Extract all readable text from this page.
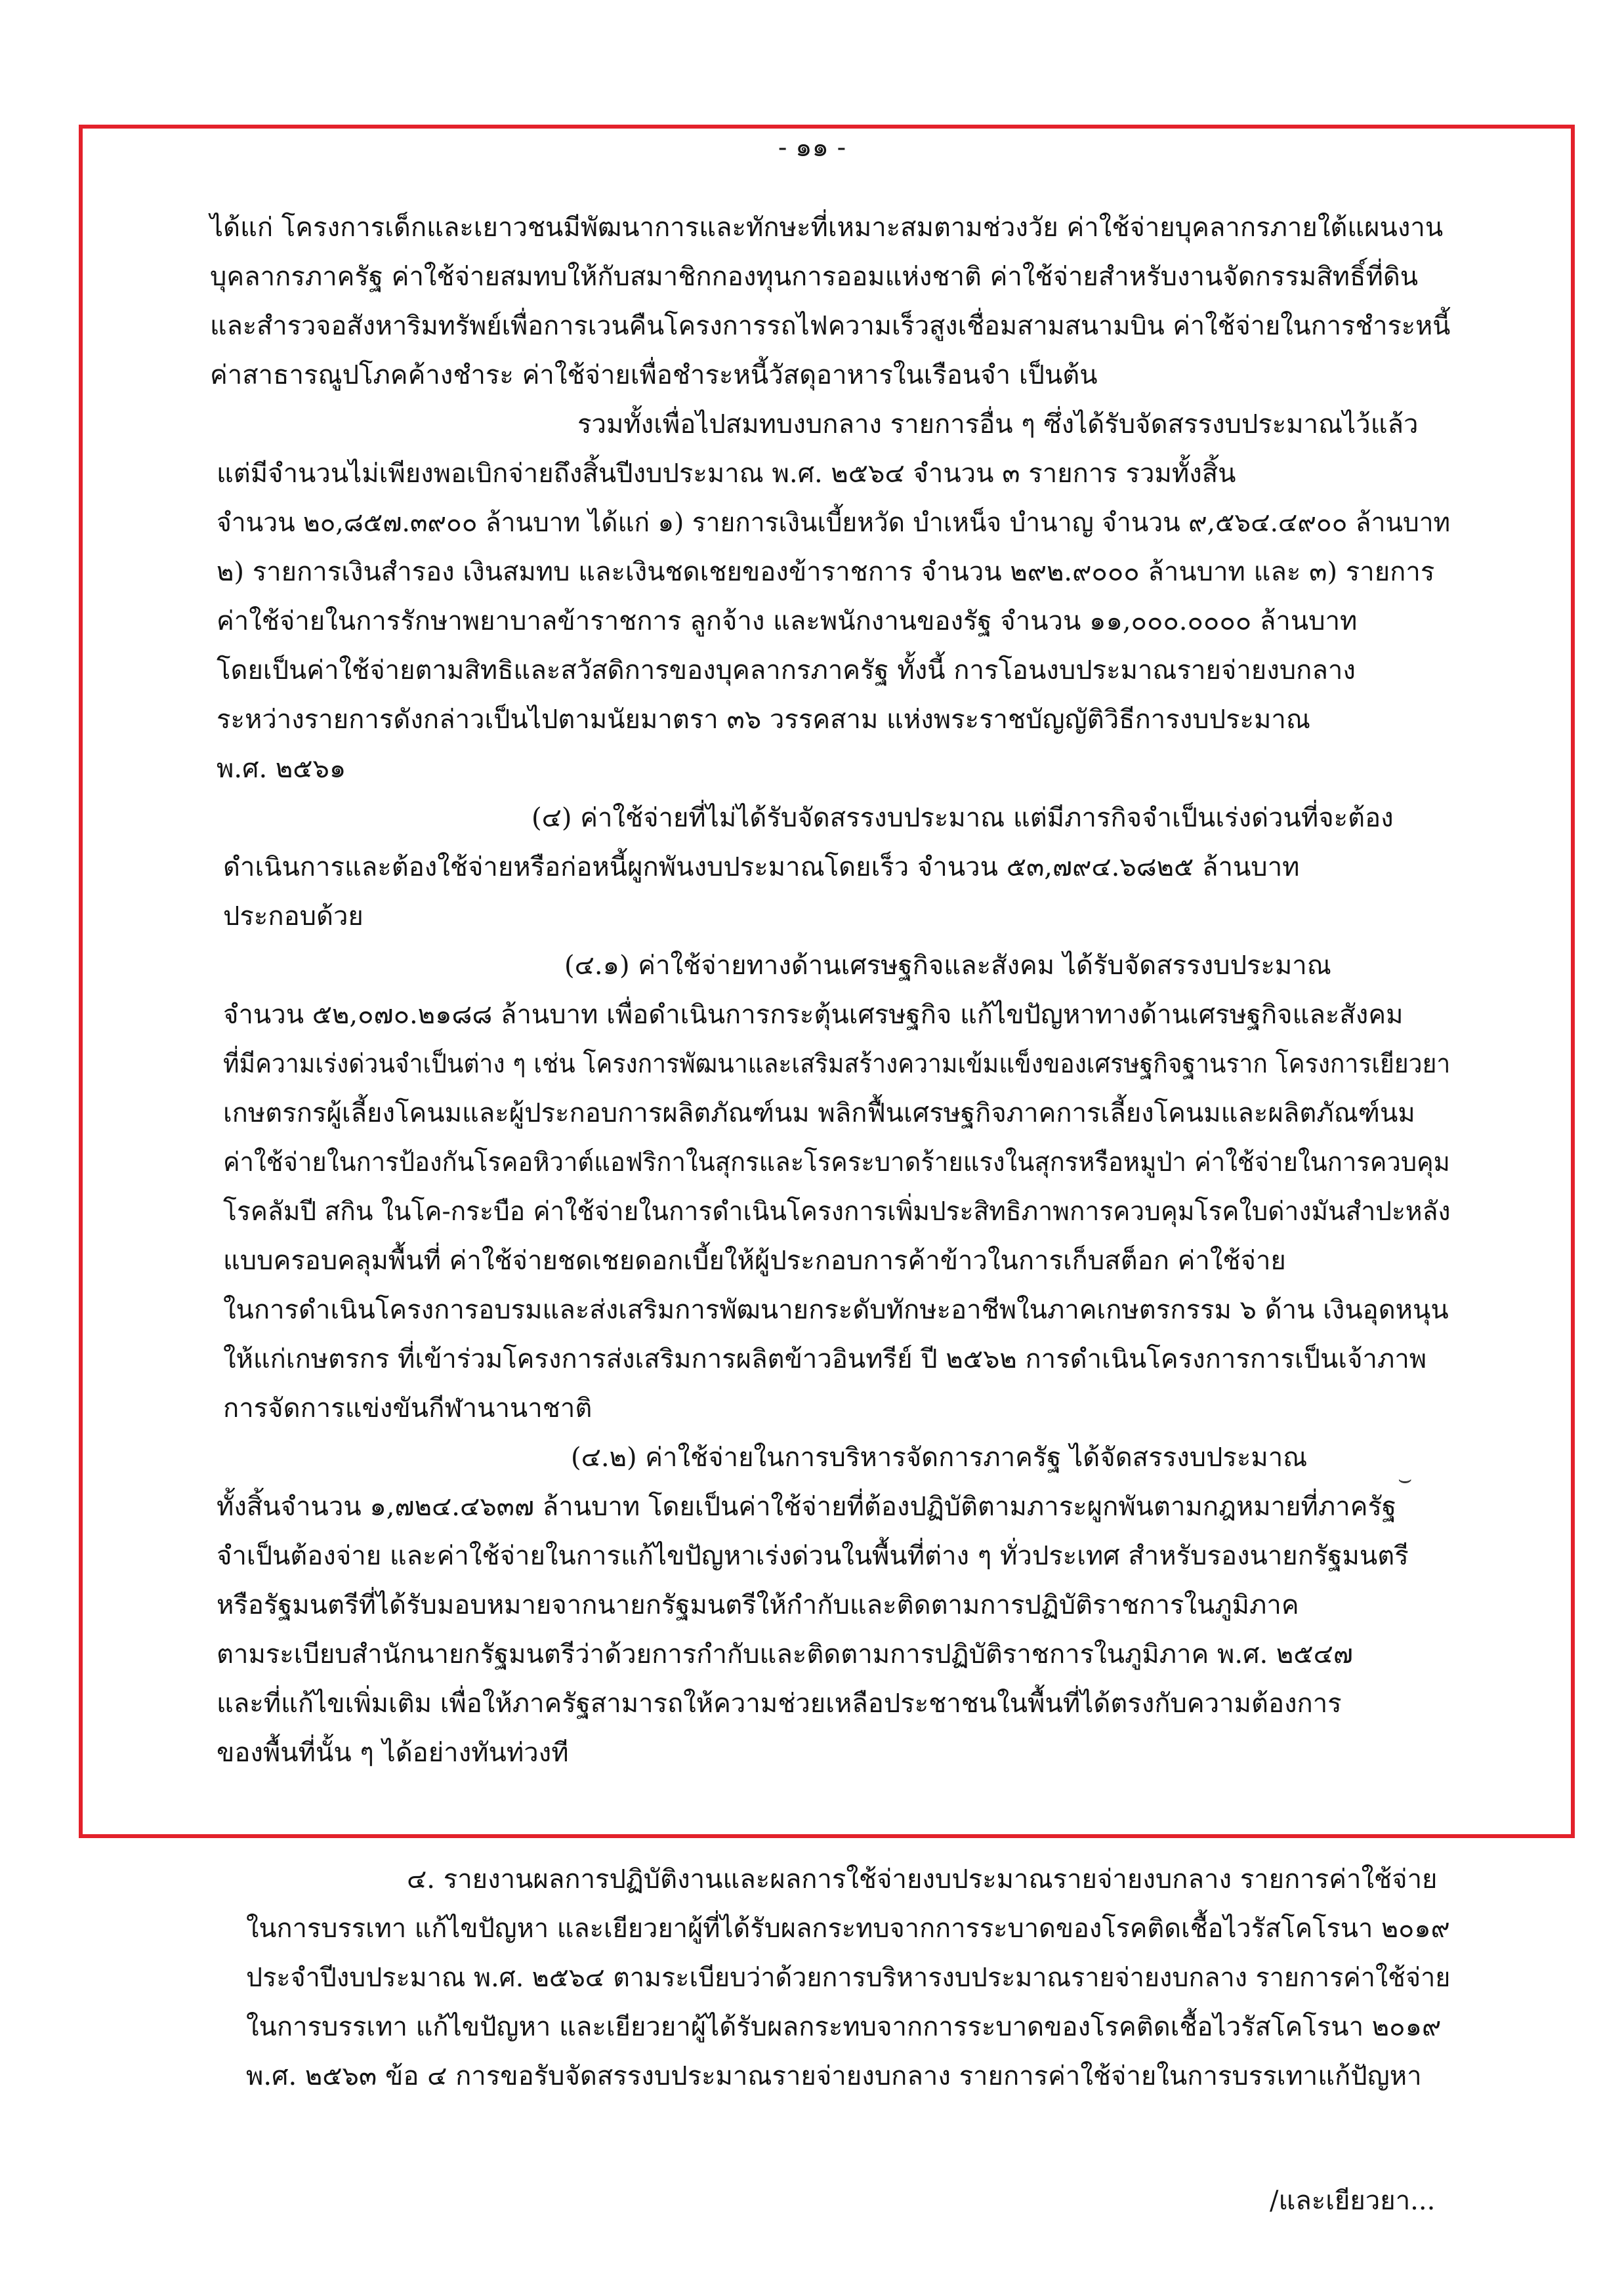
- ๑๑ -
ได้แก่ โครงการเด็กและเยาวชนมีพัฒนาการและทักษะที่เหมาะสมตามช่วงวัย ค่าใช้จ่ายบุคลากรภายใต้แผนงาน
บุคลากรภาครัฐ ค่าใช้จ่ายสมทบให้กับสมาชิกกองทุนการออมแห่งชาติ ค่าใช้จ่ายสำหรับงานจัดกรรมสิทธิ์ที่ดิน
และสำรวจอสังหาริมทรัพย์เพื่อการเวนคืนโครงการรถไฟความเร็วสูงเชื่อมสามสนามบิน ค่าใช้จ่ายในการชำระหนี้
ค่าสาธารณูปโภคค้างชำระ ค่าใช้จ่ายเพื่อชำระหนี้วัสดุอาหารในเรือนจำ เป็นต้น
รวมทั้งเพื่อไปสมทบงบกลาง รายการอื่น ๆ ซึ่งได้รับจัดสรรงบประมาณไว้แล้ว
แต่มีจำนวนไม่เพียงพอเบิกจ่ายถึงสิ้นปีงบประมาณ พ.ศ. ๒๕๖๔ จำนวน ๓ รายการ รวมทั้งสิ้น
จำนวน ๒๐,๘๕๗.๓๙๐๐ ล้านบาท ได้แก่ ๑) รายการเงินเบี้ยหวัด บำเหน็จ บำนาญ จำนวน ๙,๕๖๔.๔๙๐๐ ล้านบาท
๒) รายการเงินสำรอง เงินสมทบ และเงินชดเชยของข้าราชการ จำนวน ๒๙๒.๙๐๐๐ ล้านบาท และ ๓) รายการ
ค่าใช้จ่ายในการรักษาพยาบาลข้าราชการ ลูกจ้าง และพนักงานของรัฐ จำนวน ๑๑,๐๐๐.๐๐๐๐ ล้านบาท
โดยเป็นค่าใช้จ่ายตามสิทธิและสวัสดิการของบุคลากรภาครัฐ ทั้งนี้ การโอนงบประมาณรายจ่ายงบกลาง
ระหว่างรายการดังกล่าวเป็นไปตามนัยมาตรา ๓๖ วรรคสาม แห่งพระราชบัญญัติวิธีการงบประมาณ
พ.ศ. ๒๕๖๑
(๔) ค่าใช้จ่ายที่ไม่ได้รับจัดสรรงบประมาณ แต่มีภารกิจจำเป็นเร่งด่วนที่จะต้อง
ดำเนินการและต้องใช้จ่ายหรือก่อหนี้ผูกพันงบประมาณโดยเร็ว จำนวน ๕๓,๗๙๔.๖๘๒๕ ล้านบาท
ประกอบด้วย
(๔.๑) ค่าใช้จ่ายทางด้านเศรษฐกิจและสังคม ได้รับจัดสรรงบประมาณ
จำนวน ๕๒,๐๗๐.๒๑๘๘ ล้านบาท เพื่อดำเนินการกระตุ้นเศรษฐกิจ แก้ไขปัญหาทางด้านเศรษฐกิจและสังคม
ที่มีความเร่งด่วนจำเป็นต่าง ๆ เช่น โครงการพัฒนาและเสริมสร้างความเข้มแข็งของเศรษฐกิจฐานราก โครงการเยียวยา
เกษตรกรผู้เลี้ยงโคนมและผู้ประกอบการผลิตภัณฑ์นม พลิกฟื้นเศรษฐกิจภาคการเลี้ยงโคนมและผลิตภัณฑ์นม
ค่าใช้จ่ายในการป้องกันโรคอหิวาต์แอฟริกาในสุกรและโรคระบาดร้ายแรงในสุกรหรือหมูป่า ค่าใช้จ่ายในการควบคุม
โรคลัมปี สกิน ในโค-กระบือ ค่าใช้จ่ายในการดำเนินโครงการเพิ่มประสิทธิภาพการควบคุมโรคใบด่างมันสำปะหลัง
แบบครอบคลุมพื้นที่ ค่าใช้จ่ายชดเชยดอกเบี้ยให้ผู้ประกอบการค้าข้าวในการเก็บสต็อก ค่าใช้จ่าย
ในการดำเนินโครงการอบรมและส่งเสริมการพัฒนายกระดับทักษะอาชีพในภาคเกษตรกรรม ๖ ด้าน เงินอุดหนุน
ให้แก่เกษตรกร ที่เข้าร่วมโครงการส่งเสริมการผลิตข้าวอินทรีย์ ปี ๒๕๖๒ การดำเนินโครงการการเป็นเจ้าภาพ
การจัดการแข่งขันกีฬานานาชาติ
(๔.๒) ค่าใช้จ่ายในการบริหารจัดการภาครัฐ ได้จัดสรรงบประมาณ
ทั้งสิ้นจำนวน ๑,๗๒๔.๔๖๓๗ ล้านบาท โดยเป็นค่าใช้จ่ายที่ต้องปฏิบัติตามภาระผูกพันตามกฎหมายที่ภาครัฐ
จำเป็นต้องจ่าย และค่าใช้จ่ายในการแก้ไขปัญหาเร่งด่วนในพื้นที่ต่าง ๆ ทั่วประเทศ สำหรับรองนายกรัฐมนตรี
หรือรัฐมนตรีที่ได้รับมอบหมายจากนายกรัฐมนตรีให้กำกับและติดตามการปฏิบัติราชการในภูมิภาค
ตามระเบียบสำนักนายกรัฐมนตรีว่าด้วยการกำกับและติดตามการปฏิบัติราชการในภูมิภาค พ.ศ. ๒๕๔๗
และที่แก้ไขเพิ่มเติม เพื่อให้ภาครัฐสามารถให้ความช่วยเหลือประชาชนในพื้นที่ได้ตรงกับความต้องการ
ของพื้นที่นั้น ๆ ได้อย่างทันท่วงที
๔. รายงานผลการปฏิบัติงานและผลการใช้จ่ายงบประมาณรายจ่ายงบกลาง รายการค่าใช้จ่าย
ในการบรรเทา แก้ไขปัญหา และเยียวยาผู้ที่ได้รับผลกระทบจากการระบาดของโรคติดเชื้อไวรัสโคโรนา ๒๐๑๙
ประจำปีงบประมาณ พ.ศ. ๒๕๖๔ ตามระเบียบว่าด้วยการบริหารงบประมาณรายจ่ายงบกลาง รายการค่าใช้จ่าย
ในการบรรเทา แก้ไขปัญหา และเยียวยาผู้ได้รับผลกระทบจากการระบาดของโรคติดเชื้อไวรัสโคโรนา ๒๐๑๙
พ.ศ. ๒๕๖๓ ข้อ ๔ การขอรับจัดสรรงบประมาณรายจ่ายงบกลาง รายการค่าใช้จ่ายในการบรรเทาแก้ปัญหา
⌣
/และเยียวยา...
